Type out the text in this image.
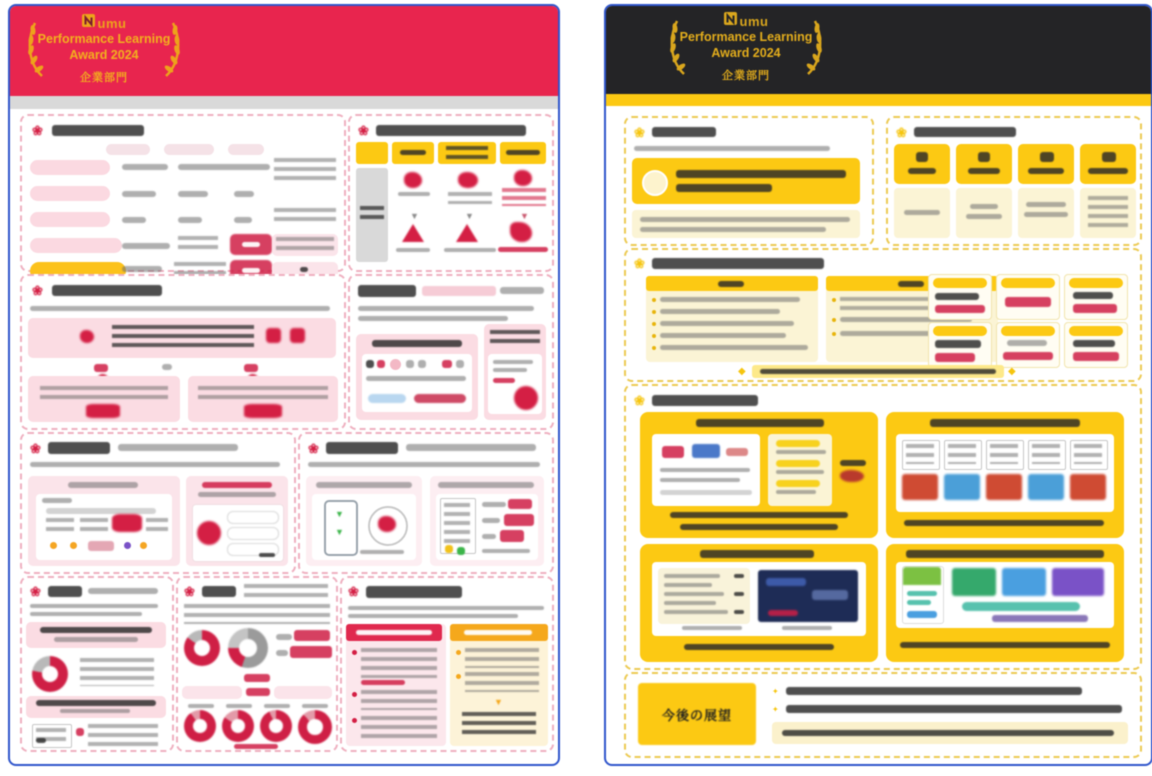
umu
Performance Learning
Award 2024
企業部門
❀	❀
▼	▼	▼
❀
❀	❀
▼
▼
❀	❀	❀
▼
umu
Performance Learning
Award 2024
企業部門
❀	❀
❀
◆	◆
❀
今後の展望
✦
✦
